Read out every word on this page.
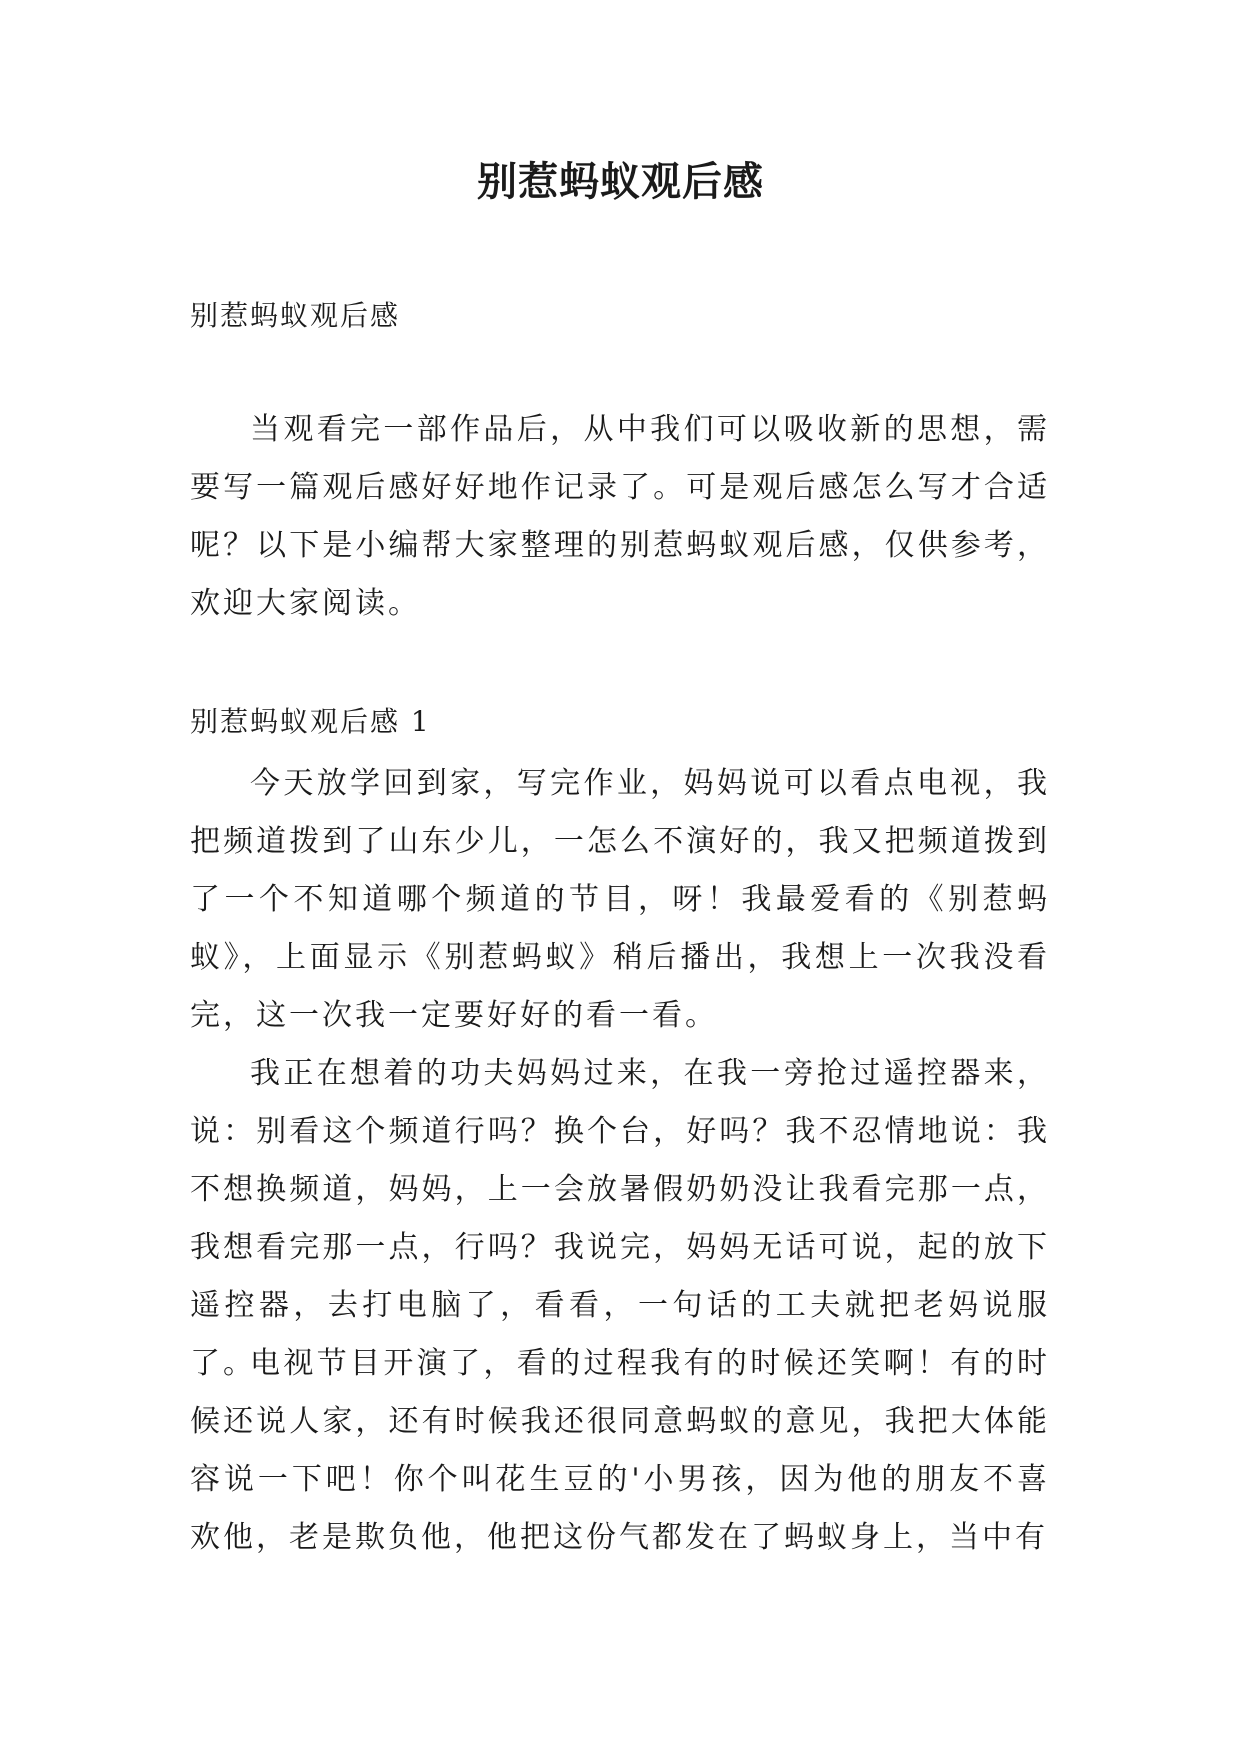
别惹蚂蚁观后感

别惹蚂蚁观后感

当观看完一部作品后，从中我们可以吸收新的思想，需要写一篇观后感好好地作记录了。可是观后感怎么写才合适呢？以下是小编帮大家整理的别惹蚂蚁观后感，仅供参考，欢迎大家阅读。

别惹蚂蚁观后感 1

今天放学回到家，写完作业，妈妈说可以看点电视，我把频道拨到了山东少儿，一怎么不演好的，我又把频道拨到了一个不知道哪个频道的节目，呀！我最爱看的《别惹蚂蚁》，上面显示《别惹蚂蚁》稍后播出，我想上一次我没看完，这一次我一定要好好的看一看。

我正在想着的功夫妈妈过来，在我一旁抢过遥控器来，说：别看这个频道行吗？换个台，好吗？我不忍情地说：我不想换频道，妈妈，上一会放暑假奶奶没让我看完那一点，我想看完那一点，行吗？我说完，妈妈无话可说，起的放下遥控器，去打电脑了，看看，一句话的工夫就把老妈说服了。

电视节目开演了，看的过程我有的时候还笑啊！有的时候还说人家，还有时候我还很同意蚂蚁的意见，我把大体能容说一下吧！你个叫花生豆的'小男孩，因为他的朋友不喜欢他，老是欺负他，他把这份气都发在了蚂蚁身上，当中有
